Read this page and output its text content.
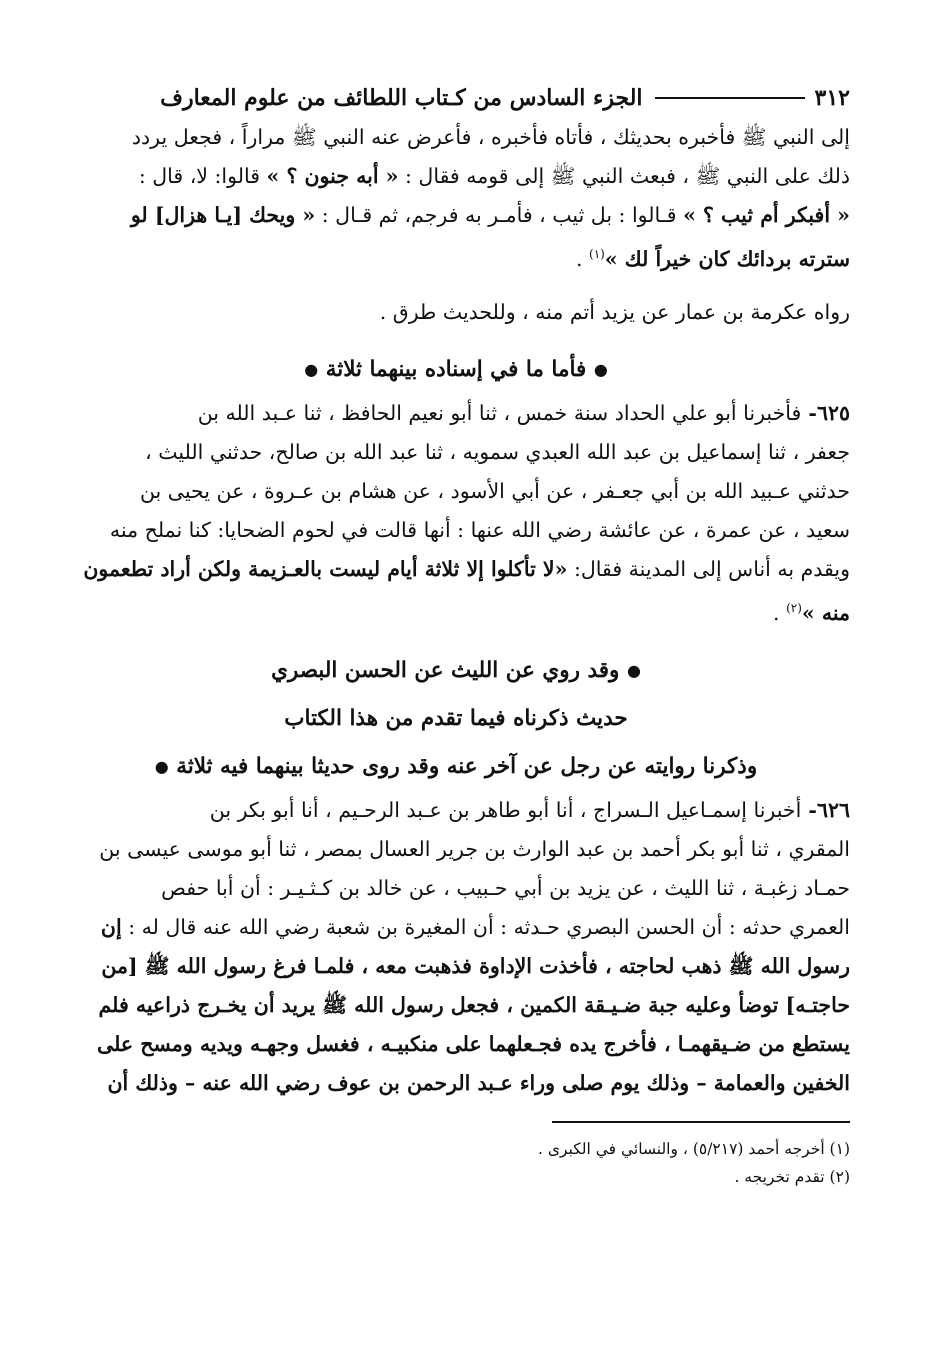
٣١٢
الجزء السادس من كـتاب اللطائف من علوم المعارف

إلى النبي ﷺ فأخبره بحديثك ، فأتاه فأخبره ، فأعرض عنه النبي ﷺ مراراً ، فجعل يردد
ذلك على النبي ﷺ ، فبعث النبي ﷺ إلى قومه فقال : « أبه جنون ؟ » قالوا: لا، قال :
« أفبكر أم ثيب ؟ » قـالوا : بل ثيب ، فأمـر به فرجم، ثم قـال : « ويحك [يـا هزال] لو
سترته بردائك كان خيراً لك »$^{(١)}$ .

رواه عكرمة بن عمار عن يزيد أتم منه ، وللحديث طرق .

● فأما ما في إسناده بينهما ثلاثة ●

٦٢٥- فأخبرنا أبو علي الحداد سنة خمس ، ثنا أبو نعيم الحافظ ، ثنا عـبد الله بن
جعفر ، ثنا إسماعيل بن عبد الله العبدي سمويه ، ثنا عبد الله بن صالح، حدثني الليث ،
حدثني عـبيد الله بن أبي جعـفر ، عن أبي الأسود ، عن هشام بن عـروة ، عن يحيى بن
سعيد ، عن عمرة ، عن عائشة رضي الله عنها : أنها قالت في لحوم الضحايا: كنا نملح منه
ويقدم به أناس إلى المدينة فقال: «لا تأكلوا إلا ثلاثة أيام ليست بالعـزيمة ولكن أراد تطعمون
منه »$^{(٢)}$ .

● وقد روي عن الليث عن الحسن البصري

حديث ذكرناه فيما تقدم من هذا الكتاب

وذكرنا روايته عن رجل عن آخر عنه وقد روى حديثا بينهما فيه ثلاثة ●

٦٢٦- أخبرنا إسمـاعيل الـسراج ، أنا أبو طاهر بن عـبد الرحـيم ، أنا أبو بكر بن
المقري ، ثنا أبو بكر أحمد بن عبد الوارث بن جرير العسال بمصر ، ثنا أبو موسى عيسى بن
حمـاد زغبـة ، ثنا الليث ، عن يزيد بن أبي حـبيب ، عن خالد بن كـثـيـر : أن أبا حفص
العمري حدثه : أن الحسن البصري حـدثه : أن المغيرة بن شعبة رضي الله عنه قال له : إن
رسول الله ﷺ ذهب لحاجته ، فأخذت الإداوة فذهبت معه ، فلمـا فرغ رسول الله ﷺ [من
حاجتـه] توضأ وعليه جبة ضـيـقة الكمين ، فجعل رسول الله ﷺ يريد أن يخـرج ذراعيه فلم
يستطع من ضـيقهمـا ، فأخرج يده فجـعلهما على منكبيـه ، فغسل وجهـه ويديه ومسح على
الخفين والعمامة – وذلك يوم صلى وراء عـبد الرحمن بن عوف رضي الله عنه – وذلك أن

(١) أخرجه أحمد (٥/٢١٧) ، والنسائي في الكبرى .

(٢) تقدم تخريجه .
